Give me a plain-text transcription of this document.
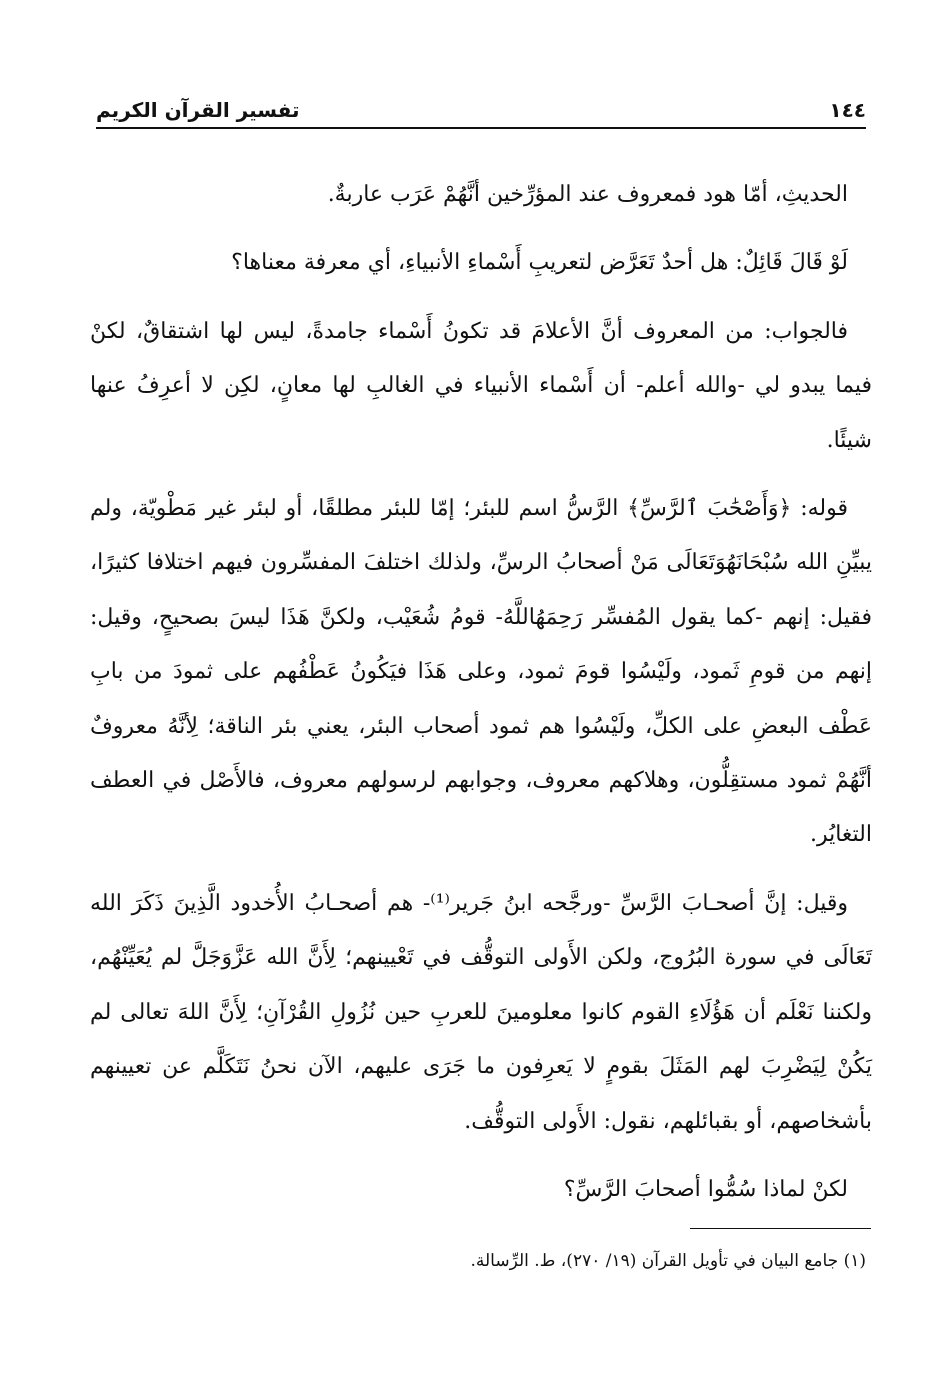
١٤٤
تفسير القرآن الكريم

الحديثِ، أمّا هود فمعروف عند المؤرِّخين أنَّهُمْ عَرَب عاربةٌ.

لَوْ قَالَ قَائِلٌ: هل أحدٌ تَعَرَّض لتعريبِ أَسْماءِ الأنبياءِ، أي معرفة معناها؟

فالجواب: من المعروف أنَّ الأعلامَ قد تكونُ أَسْماء جامدةً، ليس لها اشتقاقٌ، لكنْ فيما يبدو لي -والله أعلم- أن أَسْماء الأنبياء في الغالبِ لها معانٍ، لكِن لا أعرِفُ عنها شيئًا.

قوله: ﴿وَأَصْحَٰبَ ٱلرَّسِّ﴾ الرَّسُّ اسم للبئر؛ إمّا للبئر مطلقًا، أو لبئر غير مَطْويّة، ولم يبيِّنِ الله سُبْحَانَهُوَتَعَالَى مَنْ أصحابُ الرسِّ، ولذلك اختلفَ المفسِّرون فيهم اختلافا كثيرًا، فقيل: إنهم -كما يقول المُفسِّر رَحِمَهُاللَّهُ- قومُ شُعَيْب، ولكنَّ هَذَا ليسَ بصحيحٍ، وقيل: إنهم من قومِ ثَمود، ولَيْسُوا قومَ ثمود، وعلى هَذَا فيَكُونُ عَطْفُهم على ثمودَ من بابِ عَطْف البعضِ على الكلِّ، ولَيْسُوا هم ثمود أصحاب البئر، يعني بئر الناقة؛ لِأنَّهُ معروفٌ أنَّهُمْ ثمود مستقِلُّون، وهلاكهم معروف، وجوابهم لرسولهم معروف، فالأَصْل في العطف التغايُر.

وقيل: إنَّ أصحـابَ الرَّسِّ -ورجَّحه ابنُ جَرير⁽¹⁾- هم أصحـابُ الأُخدود الَّذِينَ ذَكَرَ الله تَعَالَى في سورة البُرُوج، ولكن الأَولى التوقُّف في تَعْيينهم؛ لِأَنَّ الله عَزَّوَجَلَّ لم يُعَيِّنْهُم، ولكننا نَعْلَم أن هَؤُلَاءِ القوم كانوا معلومينَ للعربِ حين نُزُولِ القُرْآنِ؛ لِأَنَّ اللهَ تعالى لم يَكُنْ لِيَضْرِبَ لهم المَثَلَ بقومٍ لا يَعرِفون ما جَرَى عليهم، الآن نحنُ نَتَكَلَّم عن تعيينهم بأشخاصهم، أو بقبائلهم، نقول: الأَولى التوقُّف.

لكنْ لماذا سُمُّوا أصحابَ الرَّسِّ؟

(١) جامع البيان في تأويل القرآن (١٩/ ٢٧٠)، ط. الرِّسالة.
